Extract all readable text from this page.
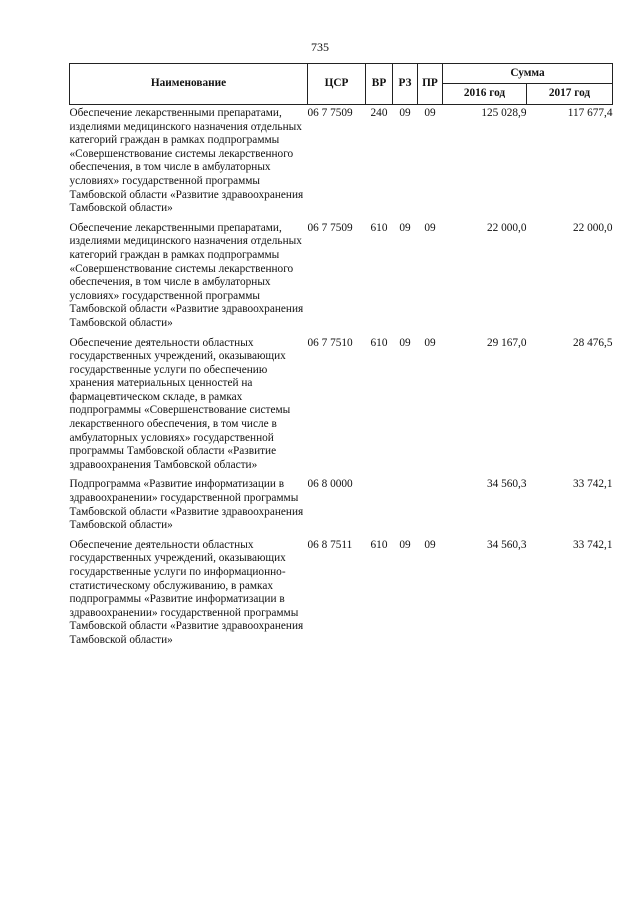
735
Наименование	ЦСР	ВР	РЗ	ПР	Сумма	
					2016 год	2017 год
Обеспечение лекарственными препаратами, изделиями медицинского назначения отдельных категорий граждан в рамках подпрограммы «Совершенствование системы лекарственного обеспечения, в том числе в амбулаторных условиях» государственной программы Тамбовской области «Развитие здравоохранения Тамбовской области»	06 7 7509	240	09	09	125 028,9	117 677,4
Обеспечение лекарственными препаратами, изделиями медицинского назначения отдельных категорий граждан в рамках подпрограммы «Совершенствование системы лекарственного обеспечения, в том числе в амбулаторных условиях» государственной программы Тамбовской области «Развитие здравоохранения Тамбовской области»	06 7 7509	610	09	09	22 000,0	22 000,0
Обеспечение деятельности областных государственных учреждений, оказывающих государственные услуги по обеспечению хранения материальных ценностей на фармацевтическом складе, в рамках подпрограммы «Совершенствование системы лекарственного обеспечения, в том числе в амбулаторных условиях» государственной программы Тамбовской области «Развитие здравоохранения Тамбовской области»	06 7 7510	610	09	09	29 167,0	28 476,5
Подпрограмма «Развитие информатизации в здравоохранении» государственной программы Тамбовской области «Развитие здравоохранения Тамбовской области»	06 8 0000				34 560,3	33 742,1
Обеспечение деятельности областных государственных учреждений, оказывающих государственные услуги по информационно-статистическому обслуживанию, в рамках подпрограммы «Развитие информатизации в здравоохранении» государственной программы Тамбовской области «Развитие здравоохранения Тамбовской области»	06 8 7511	610	09	09	34 560,3	33 742,1
